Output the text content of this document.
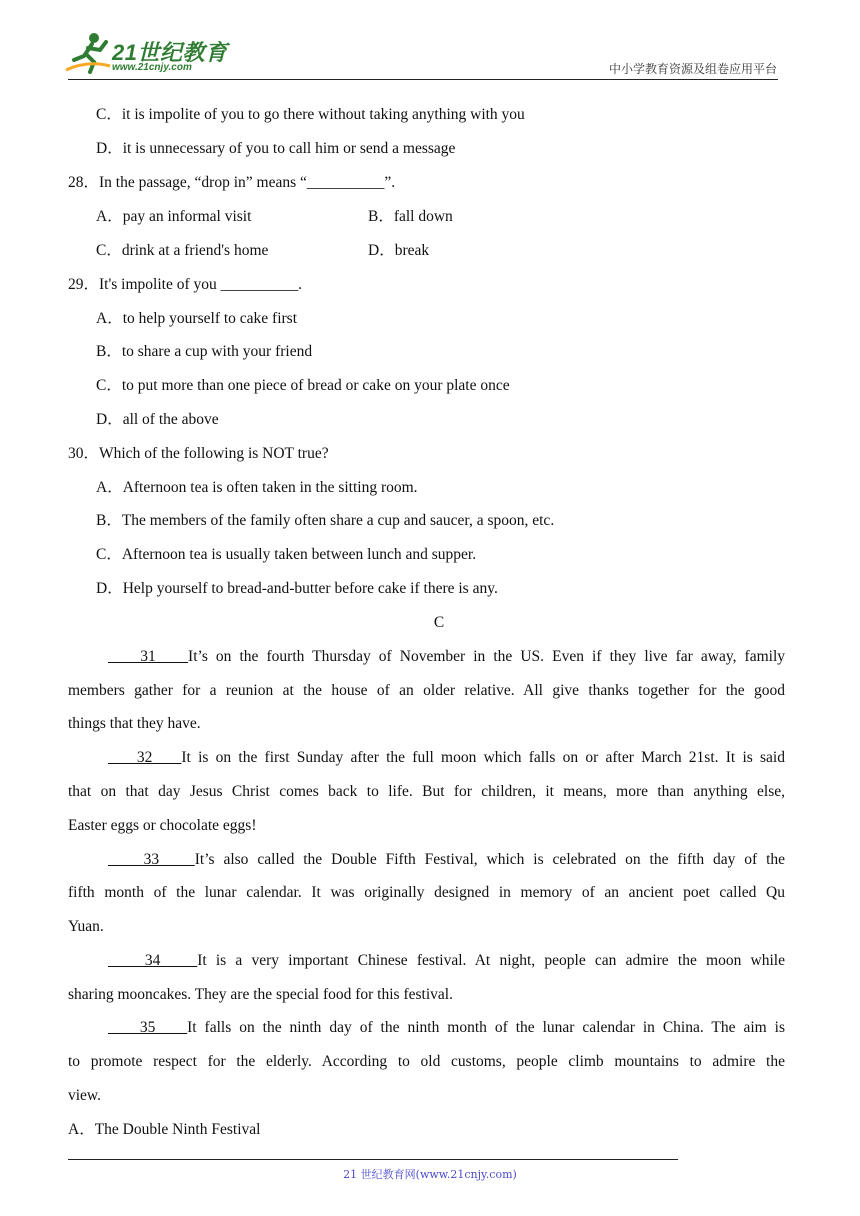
21世纪教育
www.21cnjy.com	中小学教育资源及组卷应用平台
C．it is impolite of you to go there without taking anything with you
D．it is unnecessary of you to call him or send a message
28．In the passage, “drop in” means “__________”.
A．pay an informal visit	B．fall down
C．drink at a friend's home	D．break
29．It's impolite of you __________.
A．to help yourself to cake first
B．to share a cup with your friend
C．to put more than one piece of bread or cake on your plate once
D．all of the above
30．Which of the following is NOT true?
A．Afternoon tea is often taken in the sitting room.
B．The members of the family often share a cup and saucer, a spoon, etc.
C．Afternoon tea is usually taken between lunch and supper.
D．Help yourself to bread-and-butter before cake if there is any.
C
31    It’s on the fourth Thursday of November in the US. Even if they live far away, family
members gather for a reunion at the house of an older relative. All give thanks together for the good
things that they have.
32    It is on the first Sunday after the full moon which falls on or after March 21st. It is said
that on that day Jesus Christ comes back to life. But for children, it means, more than anything else,
Easter eggs or chocolate eggs!
33    It’s also called the Double Fifth Festival, which is celebrated on the fifth day of the
fifth month of the lunar calendar. It was originally designed in memory of an ancient poet called Qu
Yuan.
34    It is a very important Chinese festival. At night, people can admire the moon while
sharing mooncakes. They are the special food for this festival.
35    It falls on the ninth day of the ninth month of the lunar calendar in China. The aim is
to promote respect for the elderly. According to old customs, people climb mountains to admire the
view.
A．The Double Ninth Festival
21 世纪教育网(www.21cnjy.com)
